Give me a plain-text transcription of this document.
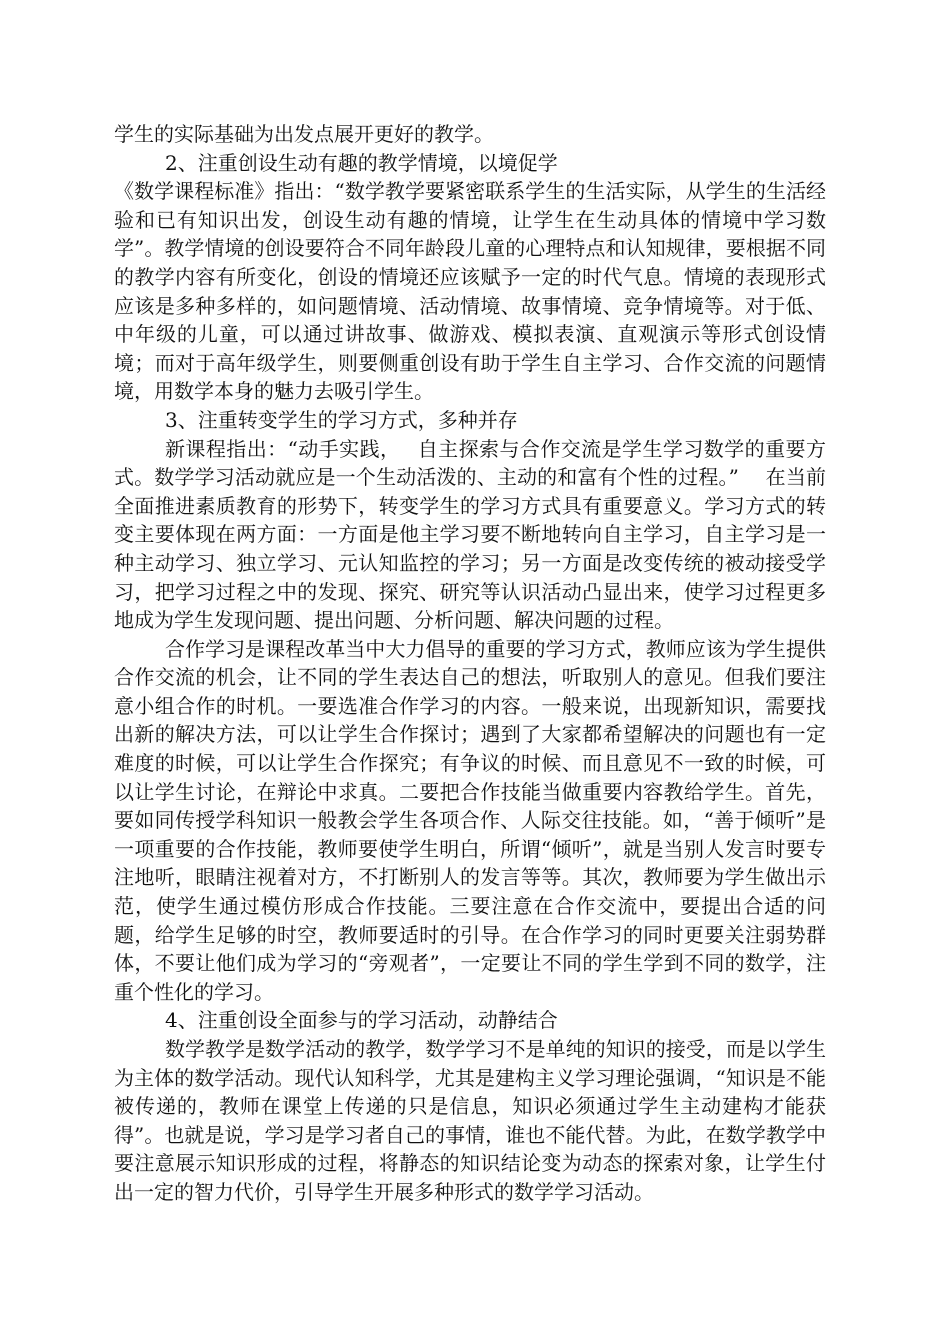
学生的实际基础为出发点展开更好的教学。

2、注重创设生动有趣的教学情境，以境促学

《数学课程标准》指出：“数学教学要紧密联系学生的生活实际，从学生的生活经验和已有知识出发，创设生动有趣的情境，让学生在生动具体的情境中学习数学”。教学情境的创设要符合不同年龄段儿童的心理特点和认知规律，要根据不同的教学内容有所变化，创设的情境还应该赋予一定的时代气息。情境的表现形式应该是多种多样的，如问题情境、活动情境、故事情境、竞争情境等。对于低、中年级的儿童，可以通过讲故事、做游戏、模拟表演、直观演示等形式创设情境；而对于高年级学生，则要侧重创设有助于学生自主学习、合作交流的问题情境，用数学本身的魅力去吸引学生。

3、注重转变学生的学习方式，多种并存

新课程指出：“动手实践，　 自主探索与合作交流是学生学习数学的重要方式。数学学习活动就应是一个生动活泼的、主动的和富有个性的过程。”　 在当前全面推进素质教育的形势下，转变学生的学习方式具有重要意义。学习方式的转变主要体现在两方面：一方面是他主学习要不断地转向自主学习，自主学习是一种主动学习、独立学习、元认知监控的学习；另一方面是改变传统的被动接受学习，把学习过程之中的发现、探究、研究等认识活动凸显出来，使学习过程更多地成为学生发现问题、提出问题、分析问题、解决问题的过程。

合作学习是课程改革当中大力倡导的重要的学习方式，教师应该为学生提供合作交流的机会，让不同的学生表达自己的想法，听取别人的意见。但我们要注意小组合作的时机。一要选准合作学习的内容。一般来说，出现新知识，需要找出新的解决方法，可以让学生合作探讨；遇到了大家都希望解决的问题也有一定难度的时候，可以让学生合作探究；有争议的时候、而且意见不一致的时候，可以让学生讨论，在辩论中求真。二要把合作技能当做重要内容教给学生。首先，要如同传授学科知识一般教会学生各项合作、人际交往技能。如，“善于倾听”是一项重要的合作技能，教师要使学生明白，所谓“倾听”，就是当别人发言时要专注地听，眼睛注视着对方，不打断别人的发言等等。其次，教师要为学生做出示范，使学生通过模仿形成合作技能。三要注意在合作交流中，要提出合适的问题，给学生足够的时空，教师要适时的引导。在合作学习的同时更要关注弱势群体，不要让他们成为学习的“旁观者”，一定要让不同的学生学到不同的数学，注重个性化的学习。

4、注重创设全面参与的学习活动，动静结合

数学教学是数学活动的教学，数学学习不是单纯的知识的接受，而是以学生为主体的数学活动。现代认知科学，尤其是建构主义学习理论强调，“知识是不能被传递的，教师在课堂上传递的只是信息，知识必须通过学生主动建构才能获得”。也就是说，学习是学习者自己的事情，谁也不能代替。为此，在数学教学中要注意展示知识形成的过程，将静态的知识结论变为动态的探索对象，让学生付出一定的智力代价，引导学生开展多种形式的数学学习活动。
